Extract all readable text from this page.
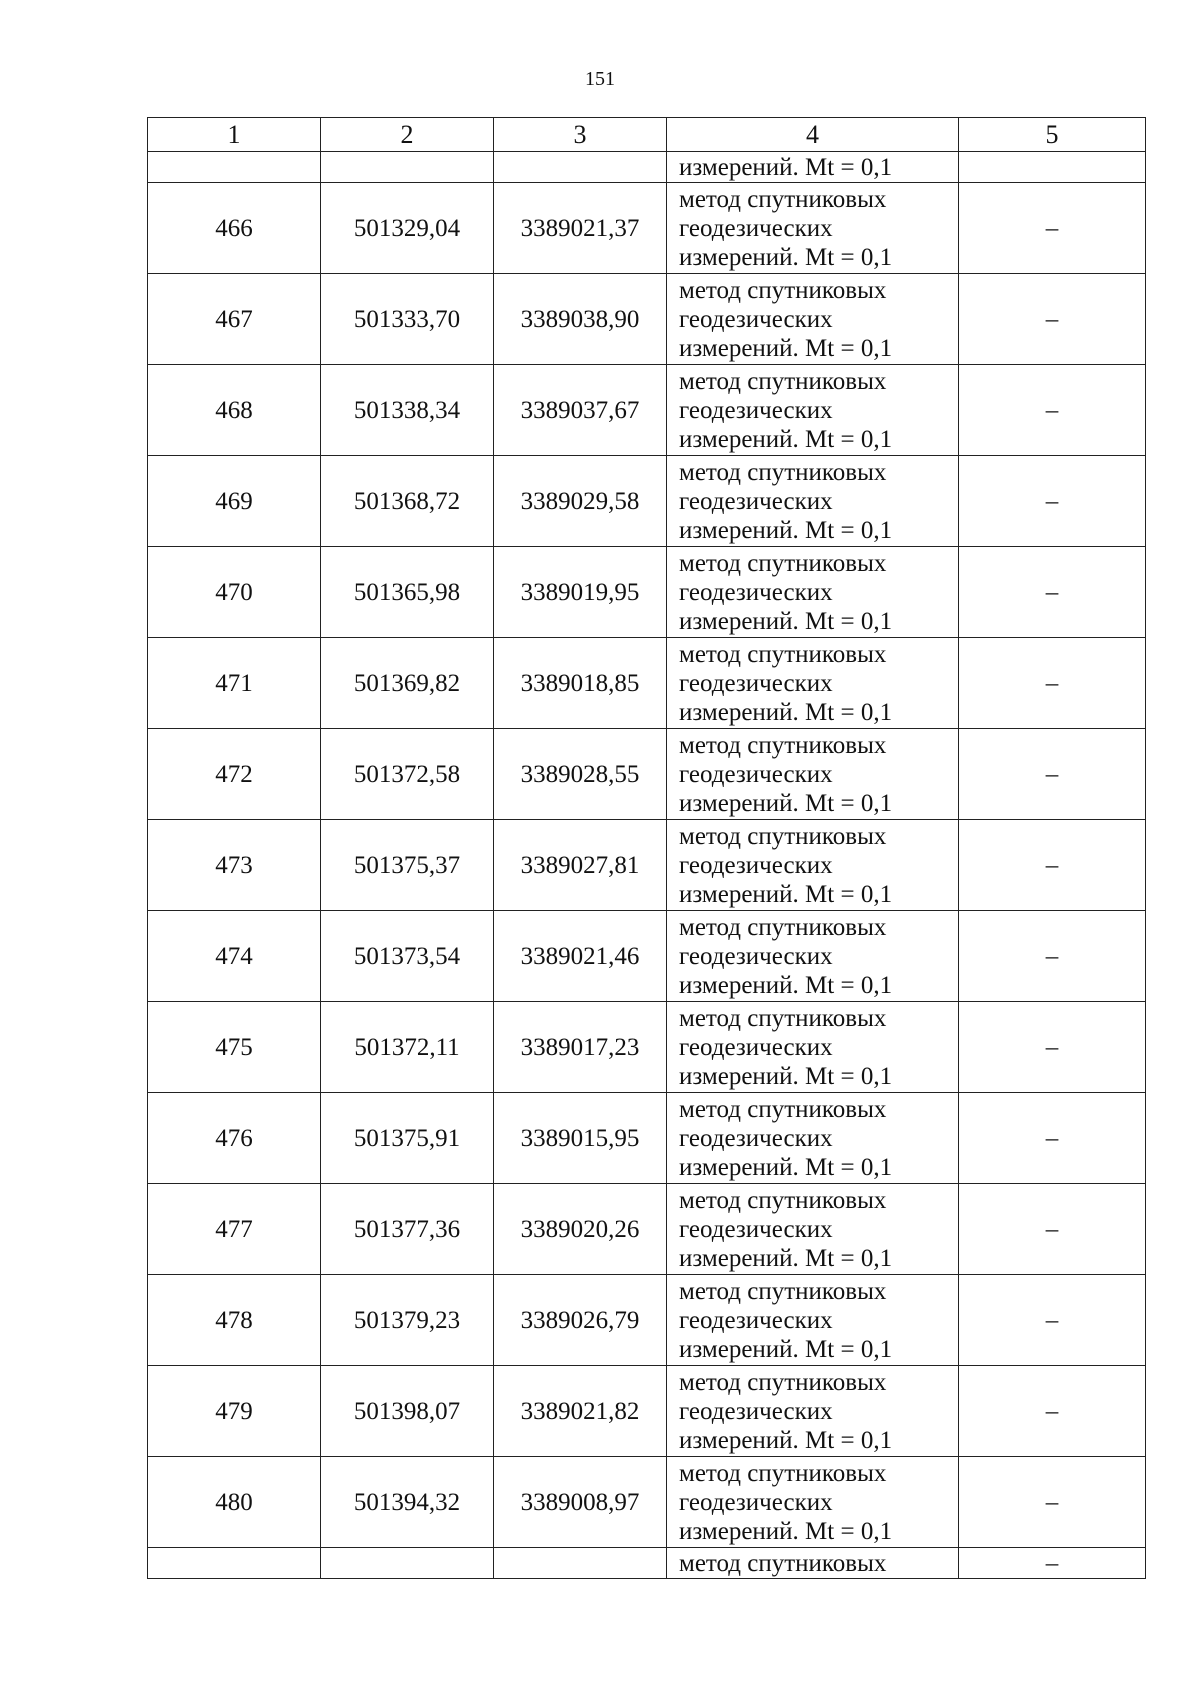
151
1	2	3	4	5
			измерений. Mt = 0,1	
466	501329,04	3389021,37	метод спутниковых
геодезических
измерений. Mt = 0,1	–
467	501333,70	3389038,90	метод спутниковых
геодезических
измерений. Mt = 0,1	–
468	501338,34	3389037,67	метод спутниковых
геодезических
измерений. Mt = 0,1	–
469	501368,72	3389029,58	метод спутниковых
геодезических
измерений. Mt = 0,1	–
470	501365,98	3389019,95	метод спутниковых
геодезических
измерений. Mt = 0,1	–
471	501369,82	3389018,85	метод спутниковых
геодезических
измерений. Mt = 0,1	–
472	501372,58	3389028,55	метод спутниковых
геодезических
измерений. Mt = 0,1	–
473	501375,37	3389027,81	метод спутниковых
геодезических
измерений. Mt = 0,1	–
474	501373,54	3389021,46	метод спутниковых
геодезических
измерений. Mt = 0,1	–
475	501372,11	3389017,23	метод спутниковых
геодезических
измерений. Mt = 0,1	–
476	501375,91	3389015,95	метод спутниковых
геодезических
измерений. Mt = 0,1	–
477	501377,36	3389020,26	метод спутниковых
геодезических
измерений. Mt = 0,1	–
478	501379,23	3389026,79	метод спутниковых
геодезических
измерений. Mt = 0,1	–
479	501398,07	3389021,82	метод спутниковых
геодезических
измерений. Mt = 0,1	–
480	501394,32	3389008,97	метод спутниковых
геодезических
измерений. Mt = 0,1	–
			метод спутниковых	–
